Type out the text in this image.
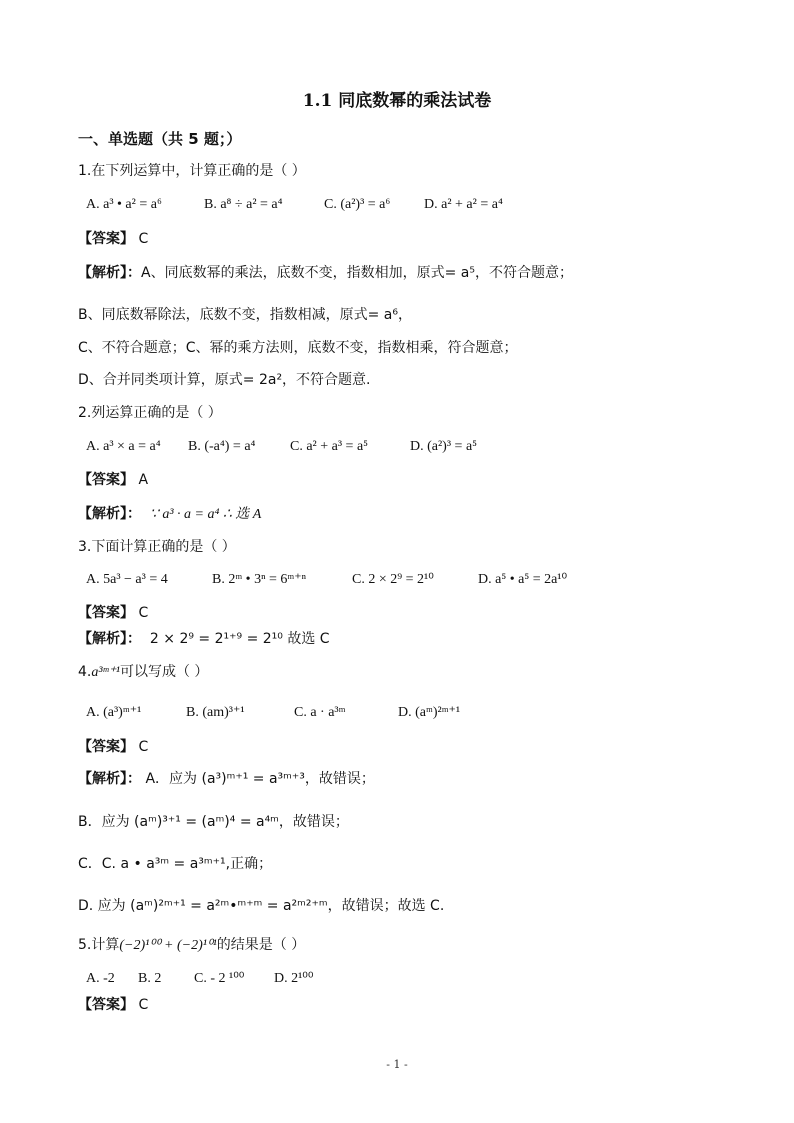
1.1 同底数幂的乘法试卷
一、单选题（共 5 题；）
1.在下列运算中，计算正确的是（ ）
A. a³ • a² = a⁶	B. a⁸ ÷ a² = a⁴	C. (a²)³ = a⁶ D. a² + a² = a⁴
【答案】 C
【解析】：A、同底数幂的乘法，底数不变，指数相加，原式= a⁵，不符合题意；
B、同底数幂除法，底数不变，指数相减，原式= a⁶，
C、不符合题意；C、幂的乘方法则，底数不变，指数相乘，符合题意；
D、合并同类项计算，原式= 2a²，不符合题意.
2.列运算正确的是（ ）
A. a³ × a = a⁴ B. (-a⁴) = a⁴ C. a² + a³ = a⁵	D. (a²)³ = a⁵
【答案】 A
【解析】： ∵ a³ · a = a⁴ ∴ 选 A
3.下面计算正确的是（ ）
A. 5a³ − a³ = 4	B. 2ᵐ • 3ⁿ = 6ᵐ⁺ⁿ	C. 2 × 2⁹ = 2¹⁰	D. a⁵ • a⁵ = 2a¹⁰
【答案】 C
【解析】： 2 × 2⁹ = 2¹⁺⁹ = 2¹⁰ 故选 C
4.a³ᵐ⁺¹可以写成（ ）
A. (a³)ᵐ⁺¹	B. (am)³⁺¹	C. a · a³ᵐ	D. (aᵐ)²ᵐ⁺¹
【答案】 C
【解析】： A．应为 (a³)ᵐ⁺¹ = a³ᵐ⁺³，故错误；
B．应为 (aᵐ)³⁺¹ = (aᵐ)⁴ = a⁴ᵐ，故错误；
C．C. a • a³ᵐ = a³ᵐ⁺¹,正确；
D. 应为 (aᵐ)²ᵐ⁺¹ = a²ᵐ•ᵐ⁺ᵐ = a²ᵐ²⁺ᵐ，故错误；故选 C.
5.计算(−2)¹⁰⁰ + (−2)¹⁰¹的结果是（ ）
A. -2 B. 2 C. - 2 ¹⁰⁰ D. 2¹⁰⁰
【答案】 C
- 1 -
